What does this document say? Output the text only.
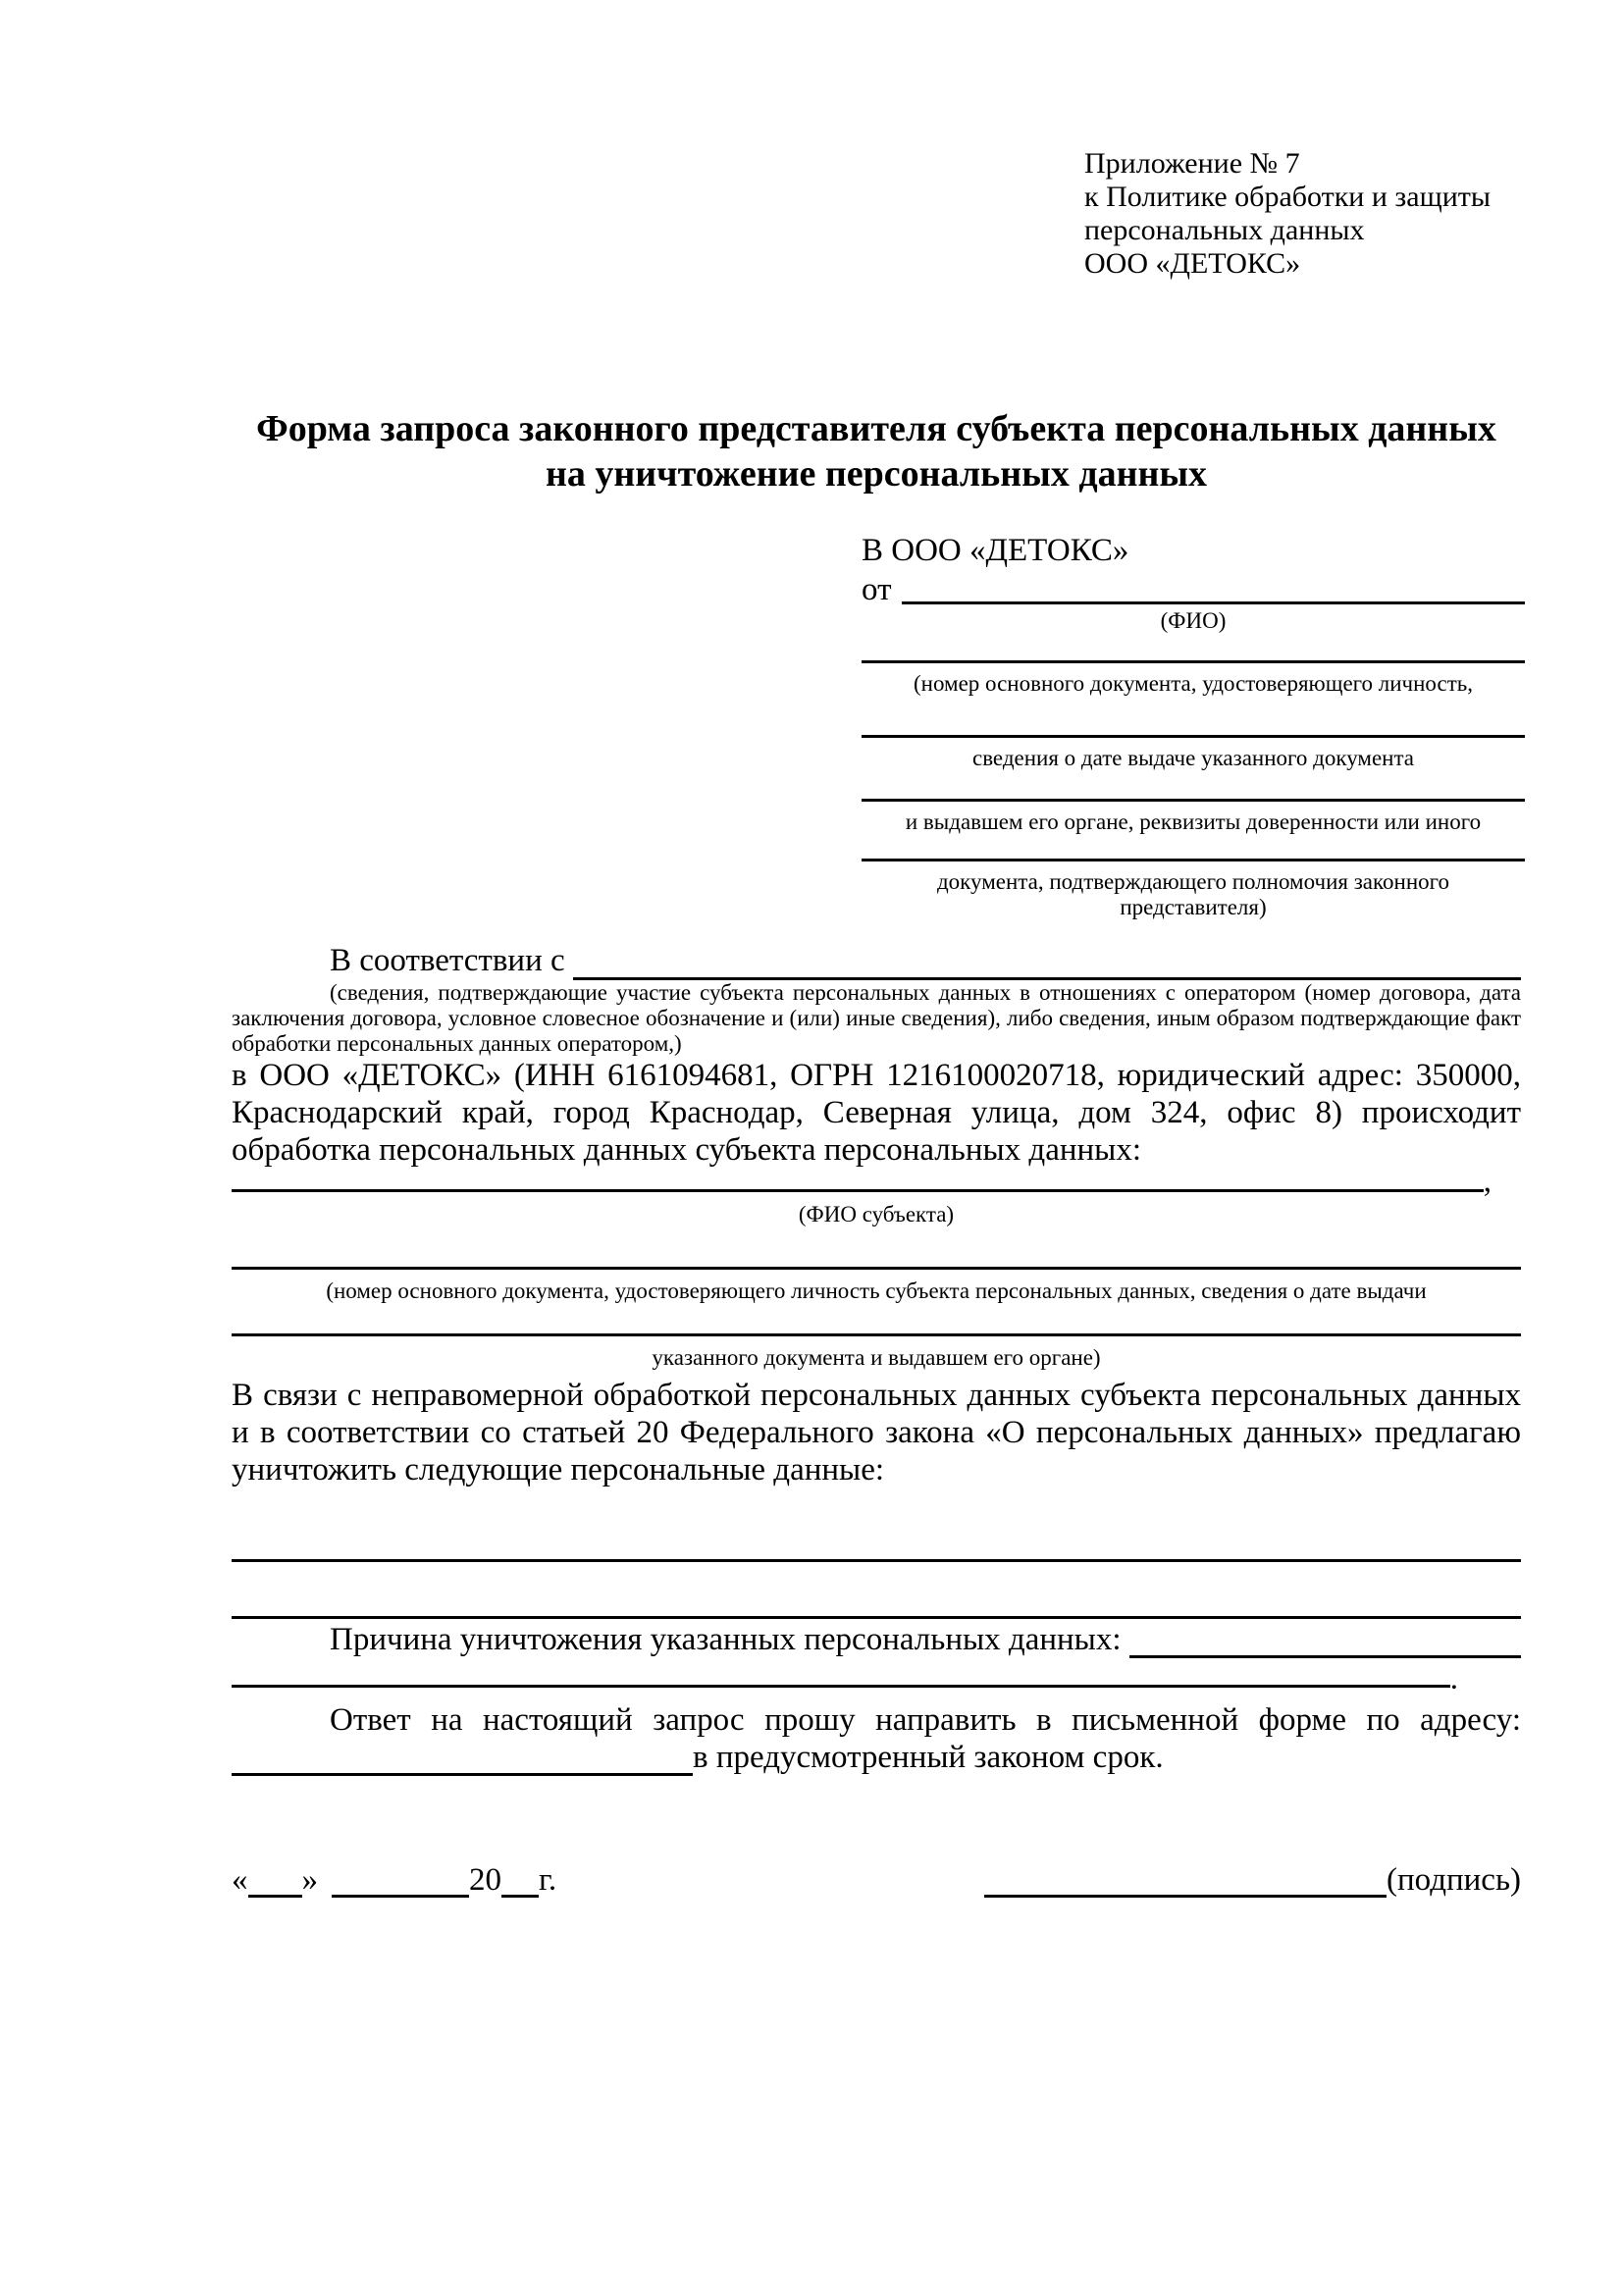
Приложение № 7
к Политике обработки и защиты
персональных данных
ООО «ДЕТОКС»
Форма запроса законного представителя субъекта персональных данных
на уничтожение персональных данных
В ООО «ДЕТОКС»
от
(ФИО)
(номер основного документа, удостоверяющего личность,
сведения о дате выдаче указанного документа
и выдавшем его органе, реквизиты доверенности или иного
документа, подтверждающего полномочия законного представителя)
В соответствии с
(сведения, подтверждающие участие субъекта персональных данных в отношениях с оператором (номер договора, дата заключения договора, условное словесное обозначение и (или) иные сведения), либо сведения, иным образом подтверждающие факт обработки персональных данных оператором,)
в ООО «ДЕТОКС» (ИНН 6161094681, ОГРН 1216100020718, юридический адрес: 350000, Краснодарский край, город Краснодар, Северная улица, дом 324, офис 8) происходит обработка персональных данных субъекта персональных данных:
,
(ФИО субъекта)
(номер основного документа, удостоверяющего личность субъекта персональных данных, сведения о дате выдачи
указанного документа и выдавшем его органе)
В связи с неправомерной обработкой персональных данных субъекта персональных данных и в соответствии со статьей 20 Федерального закона «О персональных данных» предлагаю уничтожить следующие персональные данные:
Причина уничтожения указанных персональных данных:
.
Ответ на настоящий запрос прошу направить в письменной форме по адресу:
в предусмотренный законом срок.
« »	20 г.	(подпись)
